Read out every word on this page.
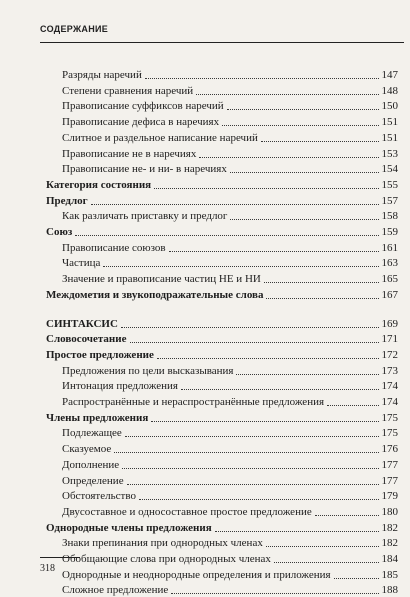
СОДЕРЖАНИЕ
Разряды наречий	147
Степени сравнения наречий	148
Правописание суффиксов наречий	150
Правописание дефиса в наречиях	151
Слитное и раздельное написание наречий	151
Правописание не в наречиях	153
Правописание не- и ни- в наречиях	154
Категория состояния	155
Предлог	157
Как различать приставку и предлог	158
Союз	159
Правописание союзов	161
Частица	163
Значение и правописание частиц НЕ и НИ	165
Междометия и звукоподражательные слова	167
СИНТАКСИС	169
Словосочетание	171
Простое предложение	172
Предложения по цели высказывания	173
Интонация предложения	174
Распространённые и нераспространённые предложения	174
Члены предложения	175
Подлежащее	175
Сказуемое	176
Дополнение	177
Определение	177
Обстоятельство	179
Двусоставное и односоставное простое предложение	180
Однородные члены предложения	182
Знаки препинания при однородных членах	182
Обобщающие слова при однородных членах	184
Однородные и неоднородные определения и приложения	185
Сложное предложение	188
318
